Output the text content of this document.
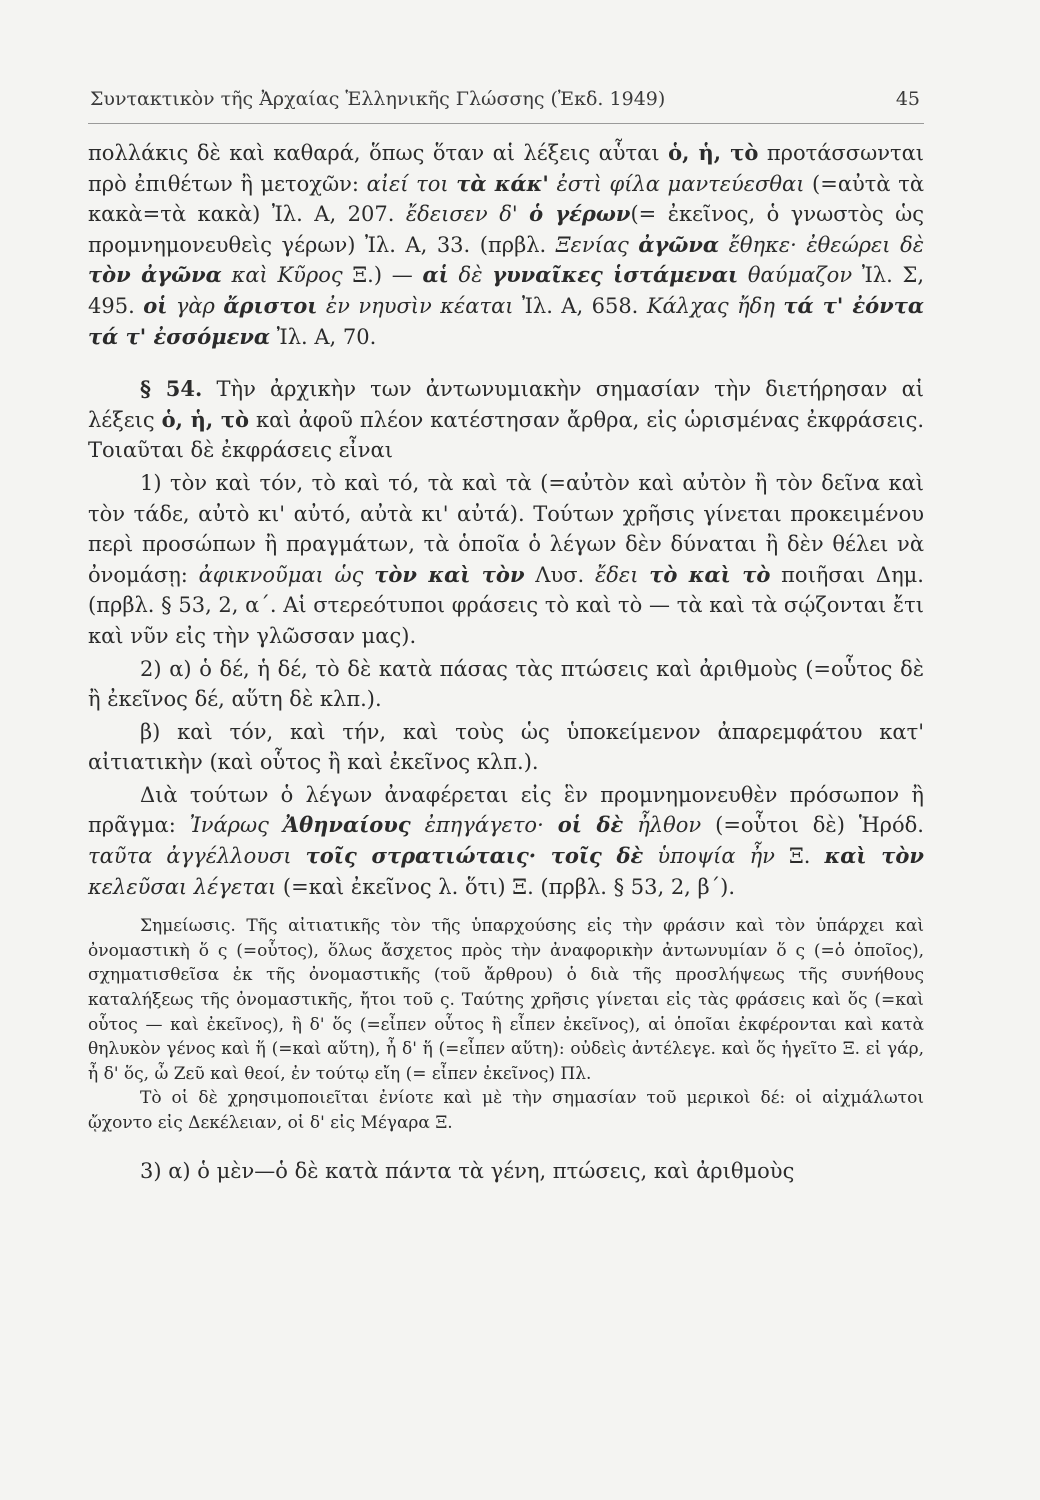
Συντακτικὸν τῆς Ἀρχαίας Ἑλληνικῆς Γλώσσης (Ἐκδ. 1949)	45

πολλάκις δὲ καὶ καθαρά, ὅπως ὅταν αἱ λέξεις αὗται ὁ, ἡ, τὸ προτάσσωνται πρὸ ἐπιθέτων ἢ μετοχῶν: αἰεί τοι τὰ κάκ' ἐστὶ φίλα μαντεύεσθαι (=αὐτὰ τὰ κακὰ=τὰ κακὰ) Ἰλ. Α, 207. ἔδεισεν δ' ὁ γέρων(= ἐκεῖνος, ὁ γνωστὸς ὡς προμνημονευθεὶς γέρων) Ἰλ. Α, 33. (πρβλ. Ξενίας ἀγῶνα ἔθηκε· ἐθεώρει δὲ τὸν ἀγῶνα καὶ Κῦρος Ξ.) — αἱ δὲ γυναῖκες ἱστάμεναι θαύμαζον Ἰλ. Σ, 495. οἱ γὰρ ἄριστοι ἐν νηυσὶν κέαται Ἰλ. Α, 658. Κάλχας ἤδη τά τ' ἐόντα τά τ' ἐσσόμενα Ἰλ. Α, 70.

§ 54. Τὴν ἀρχικὴν των ἀντωνυμιακὴν σημασίαν τὴν διετήρησαν αἱ λέξεις ὁ, ἡ, τὸ καὶ ἀφοῦ πλέον κατέστησαν ἄρθρα, εἰς ὡρισμένας ἐκφράσεις. Τοιαῦται δὲ ἐκφράσεις εἶναι

1) τὸν καὶ τόν, τὸ καὶ τό, τὰ καὶ τὰ (=αὐτὸν καὶ αὐτὸν ἢ τὸν δεῖνα καὶ τὸν τάδε, αὐτὸ κι' αὐτό, αὐτὰ κι' αὐτά). Τούτων χρῆσις γίνεται προκειμένου περὶ προσώπων ἢ πραγμάτων, τὰ ὁποῖα ὁ λέγων δὲν δύναται ἢ δὲν θέλει νὰ ὀνομάσῃ: ἀφικνοῦμαι ὡς τὸν καὶ τὸν Λυσ. ἔδει τὸ καὶ τὸ ποιῆσαι Δημ. (πρβλ. § 53, 2, α΄. Αἱ στερεότυποι φράσεις τὸ καὶ τὸ — τὰ καὶ τὰ σῴζονται ἔτι καὶ νῦν εἰς τὴν γλῶσσαν μας).

2) α) ὁ δέ, ἡ δέ, τὸ δὲ κατὰ πάσας τὰς πτώσεις καὶ ἀριθμοὺς (=οὗτος δὲ ἢ ἐκεῖνος δέ, αὕτη δὲ κλπ.).

β) καὶ τόν, καὶ τήν, καὶ τοὺς ὡς ὑποκείμενον ἀπαρεμφάτου κατ' αἰτιατικὴν (καὶ οὗτος ἢ καὶ ἐκεῖνος κλπ.).

Διὰ τούτων ὁ λέγων ἀναφέρεται εἰς ἓν προμνημονευθὲν πρόσωπον ἢ πρᾶγμα: Ἰνάρως Ἀθηναίους ἐπηγάγετο· οἱ δὲ ἦλθον (=οὗτοι δὲ) Ἡρόδ. ταῦτα ἀγγέλλουσι τοῖς στρατιώταις· τοῖς δὲ ὑποψία ἦν Ξ. καὶ τὸν κελεῦσαι λέγεται (=καὶ ἐκεῖνος λ. ὅτι) Ξ. (πρβλ. § 53, 2, β΄).

Σημείωσις. Τῆς αἰτιατικῆς τὸν τῆς ὑπαρχούσης εἰς τὴν φράσιν καὶ τὸν ὑπάρχει καὶ ὀνομαστικὴ ὅ ς (=οὗτος), ὅλως ἄσχετος πρὸς τὴν ἀναφορικὴν ἀντωνυμίαν ὅ ς (=ὁ ὁποῖος), σχηματισθεῖσα ἐκ τῆς ὀνομαστικῆς (τοῦ ἄρθρου) ὁ διὰ τῆς προσλήψεως τῆς συνήθους καταλήξεως τῆς ὀνομαστικῆς, ἤτοι τοῦ ς. Ταύτης χρῆσις γίνεται εἰς τὰς φράσεις καὶ ὅς (=καὶ οὗτος — καὶ ἐκεῖνος), ἢ δ' ὅς (=εἶπεν οὗτος ἢ εἶπεν ἐκεῖνος), αἱ ὁποῖαι ἐκφέρονται καὶ κατὰ θηλυκὸν γένος καὶ ἥ (=καὶ αὕτη), ἦ δ' ἥ (=εἶπεν αὕτη): οὐδεὶς ἀντέλεγε. καὶ ὅς ἡγεῖτο Ξ. εἰ γάρ, ἦ δ' ὅς, ὦ Ζεῦ καὶ θεοί, ἐν τούτῳ εἴη (= εἶπεν ἐκεῖνος) Πλ.

Τὸ οἱ δὲ χρησιμοποιεῖται ἐνίοτε καὶ μὲ τὴν σημασίαν τοῦ μερικοὶ δέ: οἱ αἰχμάλωτοι ᾤχοντο εἰς Δεκέλειαν, οἱ δ' εἰς Μέγαρα Ξ.

3) α) ὁ μὲν—ὁ δὲ κατὰ πάντα τὰ γένη, πτώσεις, καὶ ἀριθμοὺς
